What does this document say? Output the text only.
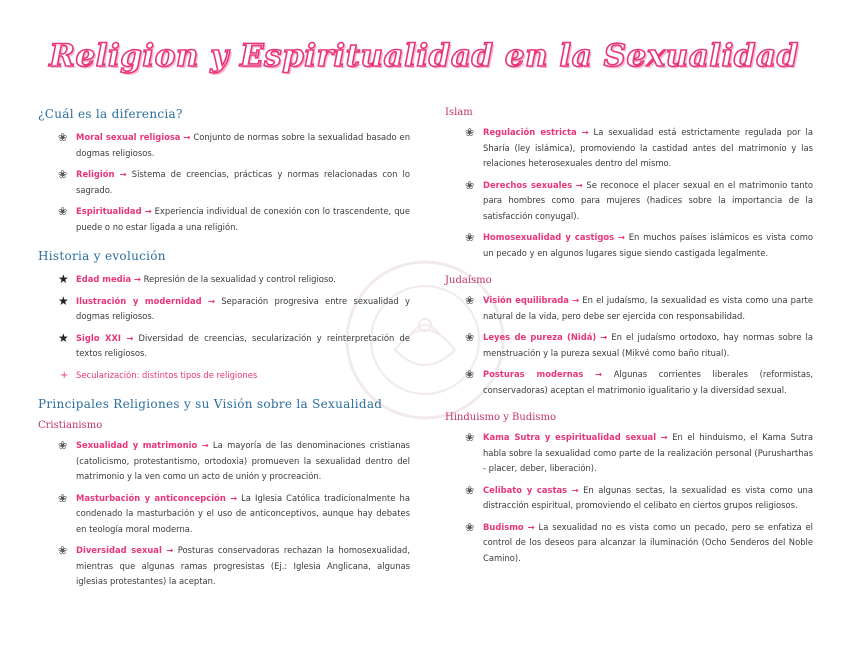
Religion y Espiritualidad en la Sexualidad
¿Cuál es la diferencia?
❀ Moral sexual religiosa → Conjunto de normas sobre la sexualidad basado en dogmas religiosos.
❀ Religión → Sistema de creencias, prácticas y normas relacionadas con lo sagrado.
❀ Espiritualidad → Experiencia individual de conexión con lo trascendente, que puede o no estar ligada a una religión.
Historia y evolución
★ Edad media → Represión de la sexualidad y control religioso.
★ Ilustración y modernidad → Separación progresiva entre sexualidad y dogmas religiosos.
★ Siglo XXI → Diversidad de creencias, secularización y reinterpretación de textos religiosos.
+ Secularización: distintos tipos de religiones
Principales Religiones y su Visión sobre la Sexualidad
Cristianismo
❀ Sexualidad y matrimonio → La mayoría de las denominaciones cristianas (catolicismo, protestantismo, ortodoxia) promueven la sexualidad dentro del matrimonio y la ven como un acto de unión y procreación.
❀ Masturbación y anticoncepción → La Iglesia Católica tradicionalmente ha condenado la masturbación y el uso de anticonceptivos, aunque hay debates en teología moral moderna.
❀ Diversidad sexual → Posturas conservadoras rechazan la homosexualidad, mientras que algunas ramas progresistas (Ej.: Iglesia Anglicana, algunas iglesias protestantes) la aceptan.
Islam
❀ Regulación estricta → La sexualidad está estrictamente regulada por la Sharía (ley islámica), promoviendo la castidad antes del matrimonio y las relaciones heterosexuales dentro del mismo.
❀ Derechos sexuales → Se reconoce el placer sexual en el matrimonio tanto para hombres como para mujeres (hadices sobre la importancia de la satisfacción conyugal).
❀ Homosexualidad y castigos → En muchos países islámicos es vista como un pecado y en algunos lugares sigue siendo castigada legalmente.
Judaísmo
❀ Visión equilibrada → En el judaísmo, la sexualidad es vista como una parte natural de la vida, pero debe ser ejercida con responsabilidad.
❀ Leyes de pureza (Nidá) → En el judaísmo ortodoxo, hay normas sobre la menstruación y la pureza sexual (Mikvé como baño ritual).
❀ Posturas modernas → Algunas corrientes liberales (reformistas, conservadoras) aceptan el matrimonio igualitario y la diversidad sexual.
Hinduismo y Budismo
❀ Kama Sutra y espiritualidad sexual → En el hinduismo, el Kama Sutra habla sobre la sexualidad como parte de la realización personal (Purusharthas - placer, deber, liberación).
❀ Celibato y castas → En algunas sectas, la sexualidad es vista como una distracción espiritual, promoviendo el celibato en ciertos grupos religiosos.
❀ Budismo → La sexualidad no es vista como un pecado, pero se enfatiza el control de los deseos para alcanzar la iluminación (Ocho Senderos del Noble Camino).
